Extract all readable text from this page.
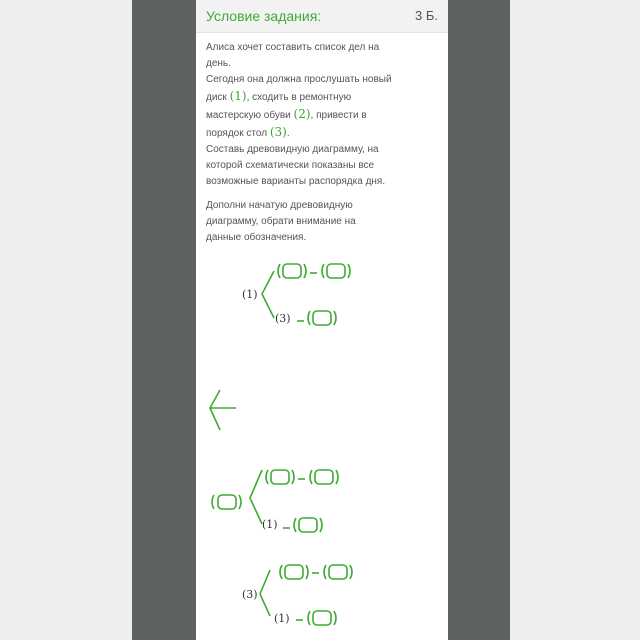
Условие задания:	3 Б.

Алиса хочет составить список дел на день.

Сегодня она должна прослушать новый диск (1), сходить в ремонтную мастерскую обуви (2), привести в порядок стол (3).

Составь древовидную диаграмму, на которой схематически показаны все возможные варианты распорядка дня.

Дополни начатую древовидную диаграмму, обрати внимание на данные обозначения.
(1)
(3)
(1)
(3)
(1)
